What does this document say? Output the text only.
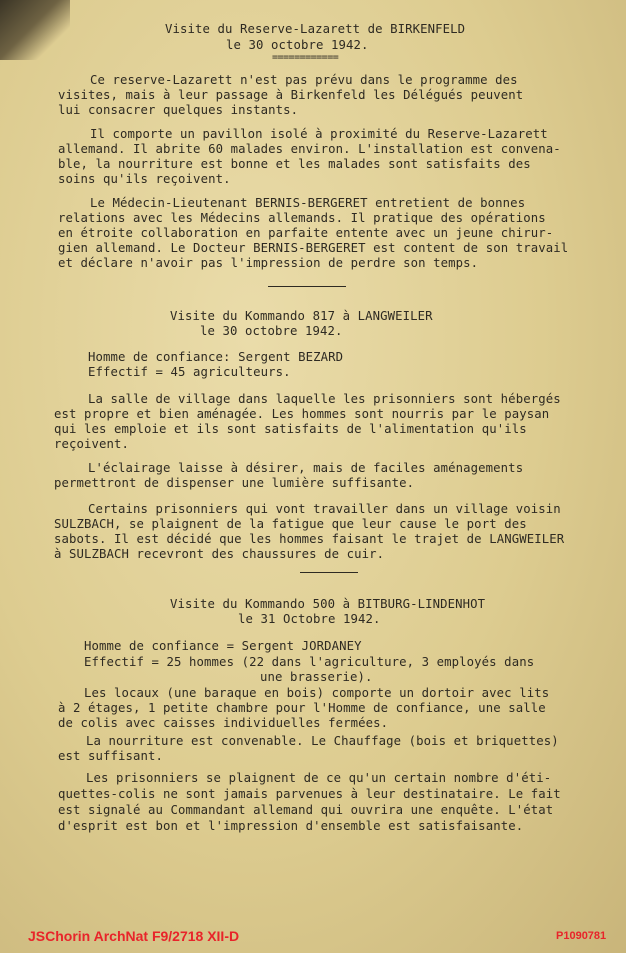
Visite du Reserve-Lazarett de BIRKENFELD
le 30 octobre 1942.
============
Ce reserve-Lazarett n'est pas prévu dans le programme des
visites, mais à leur passage à Birkenfeld les Délégués peuvent
lui consacrer quelques instants.
Il comporte un pavillon isolé à proximité du Reserve-Lazarett
allemand. Il abrite 60 malades environ. L'installation est convena-
ble, la nourriture est bonne et les malades sont satisfaits des
soins qu'ils reçoivent.
Le Médecin-Lieutenant BERNIS-BERGERET entretient de bonnes
relations avec les Médecins allemands. Il pratique des opérations
en étroite collaboration en parfaite entente avec un jeune chirur-
gien allemand. Le Docteur BERNIS-BERGERET est content de son travail
et déclare n'avoir pas l'impression de perdre son temps.
Visite du Kommando 817 à LANGWEILER
le 30 octobre 1942.
Homme de confiance: Sergent BEZARD
Effectif = 45 agriculteurs.
La salle de village dans laquelle les prisonniers sont hébergés
est propre et bien aménagée. Les hommes sont nourris par le paysan
qui les emploie et ils sont satisfaits de l'alimentation qu'ils
reçoivent.
L'éclairage laisse à désirer, mais de faciles aménagements
permettront de dispenser une lumière suffisante.
Certains prisonniers qui vont travailler dans un village voisin
SULZBACH, se plaignent de la fatigue que leur cause le port des
sabots. Il est décidé que les hommes faisant le trajet de LANGWEILER
à SULZBACH recevront des chaussures de cuir.
Visite du Kommando 500 à BITBURG-LINDENHOT
le 31 Octobre 1942.
Homme de confiance = Sergent JORDANEY
Effectif = 25 hommes (22 dans l'agriculture, 3 employés dans
une brasserie).
Les locaux (une baraque en bois) comporte un dortoir avec lits
à 2 étages, 1 petite chambre pour l'Homme de confiance, une salle
de colis avec caisses individuelles fermées.
La nourriture est convenable. Le Chauffage (bois et briquettes)
est suffisant.
Les prisonniers se plaignent de ce qu'un certain nombre d'éti-
quettes-colis ne sont jamais parvenues à leur destinataire. Le fait
est signalé au Commandant allemand qui ouvrira une enquête. L'état
d'esprit est bon et l'impression d'ensemble est satisfaisante.
JSChorin ArchNat F9/2718 XII-D	P1090781
